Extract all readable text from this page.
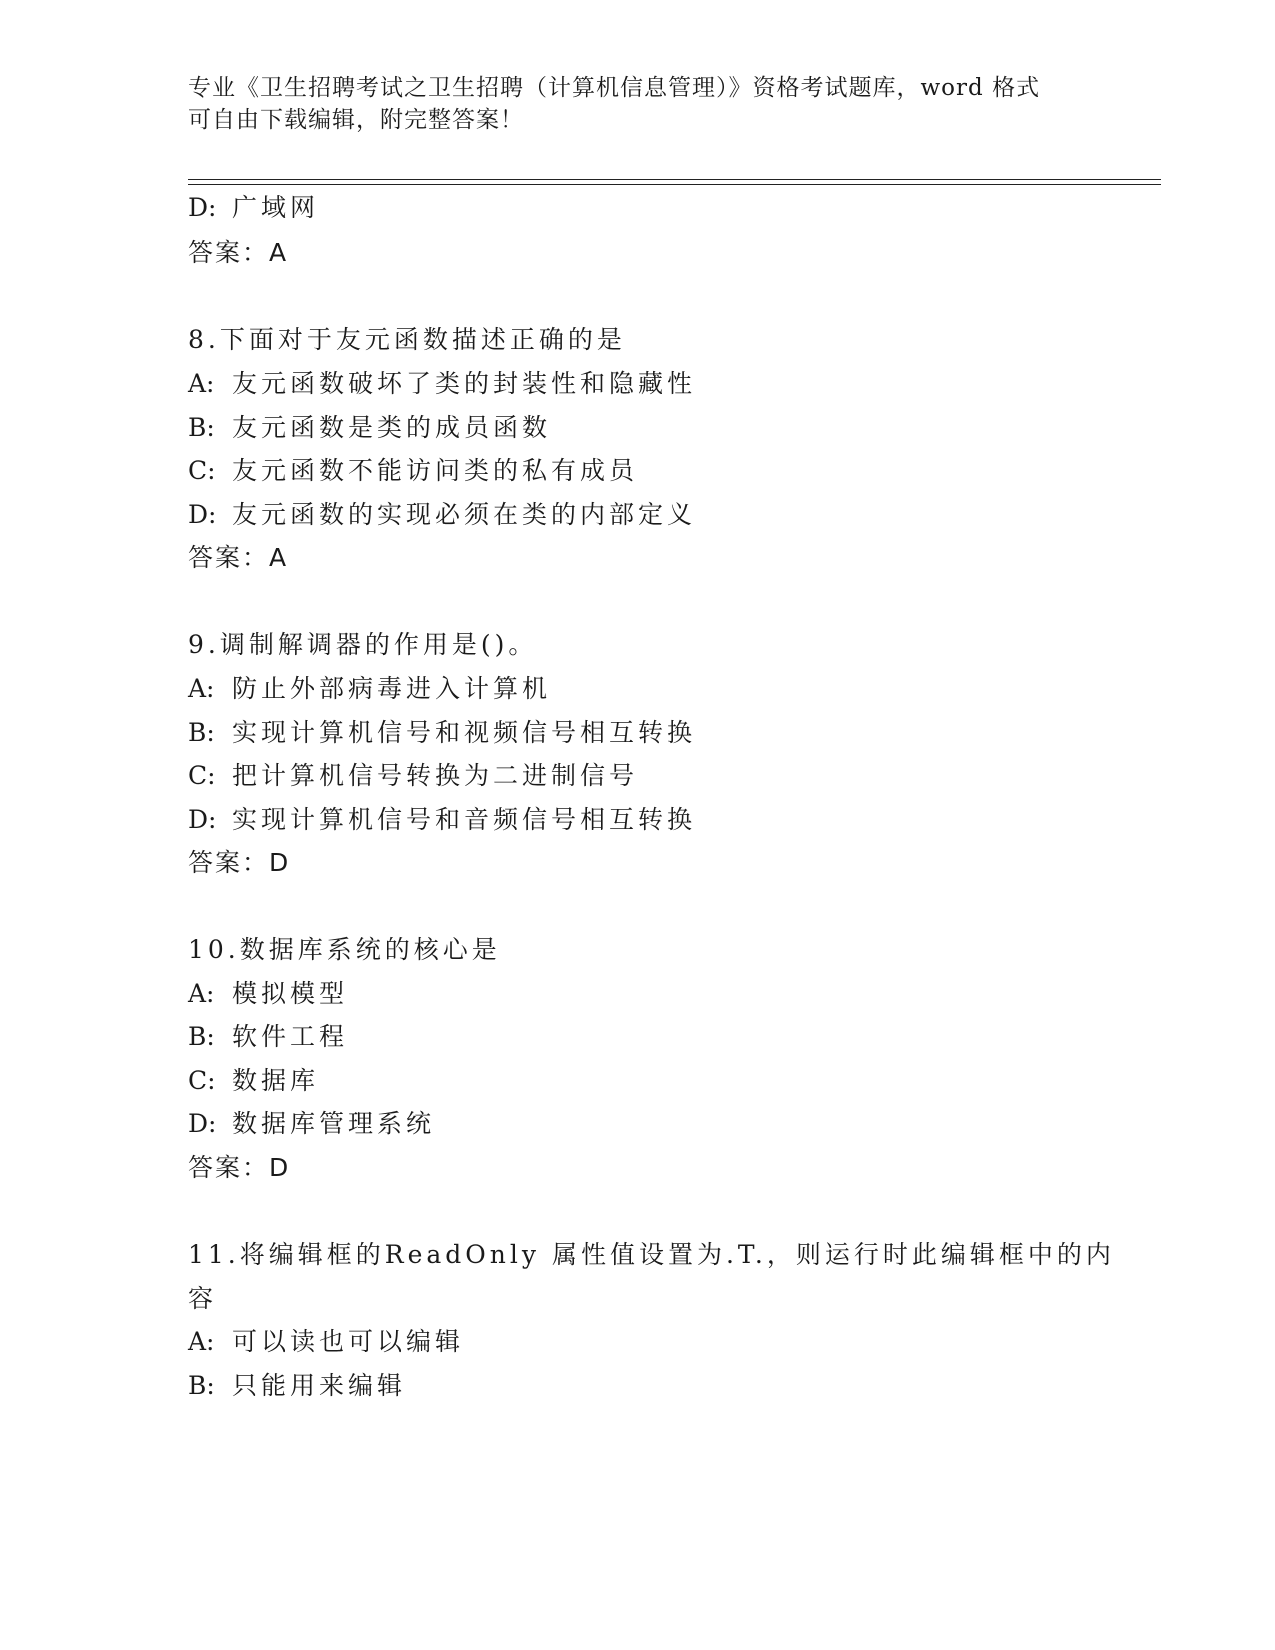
专业《卫生招聘考试之卫生招聘（计算机信息管理）》资格考试题库，word 格式
可自由下载编辑，附完整答案！
D: 广域网
答案：A
8.下面对于友元函数描述正确的是
A: 友元函数破坏了类的封装性和隐藏性
B: 友元函数是类的成员函数
C: 友元函数不能访问类的私有成员
D: 友元函数的实现必须在类的内部定义
答案：A
9.调制解调器的作用是()。
A: 防止外部病毒进入计算机
B: 实现计算机信号和视频信号相互转换
C: 把计算机信号转换为二进制信号
D: 实现计算机信号和音频信号相互转换
答案：D
10.数据库系统的核心是
A: 模拟模型
B: 软件工程
C: 数据库
D: 数据库管理系统
答案：D
11.将编辑框的ReadOnly 属性值设置为.T.，则运行时此编辑框中的内
容
A: 可以读也可以编辑
B: 只能用来编辑
